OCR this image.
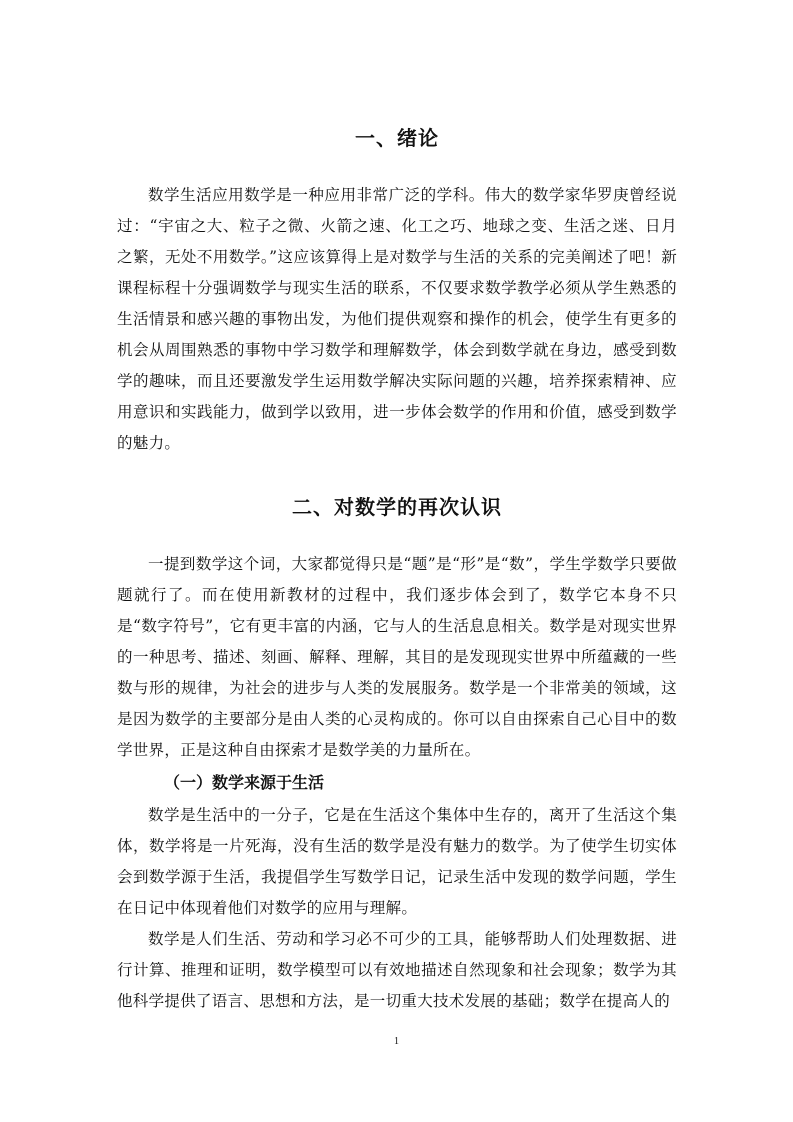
一、绪论

数学生活应用数学是一种应用非常广泛的学科。伟大的数学家华罗庚曾经说过：“宇宙之大、粒子之微、火箭之速、化工之巧、地球之变、生活之迷、日月之繁，无处不用数学。”这应该算得上是对数学与生活的关系的完美阐述了吧！新课程标程十分强调数学与现实生活的联系，不仅要求数学教学必须从学生熟悉的生活情景和感兴趣的事物出发，为他们提供观察和操作的机会，使学生有更多的机会从周围熟悉的事物中学习数学和理解数学，体会到数学就在身边，感受到数学的趣味，而且还要激发学生运用数学解决实际问题的兴趣，培养探索精神、应用意识和实践能力，做到学以致用，进一步体会数学的作用和价值，感受到数学的魅力。

二、对数学的再次认识

一提到数学这个词，大家都觉得只是“题”是“形”是“数”，学生学数学只要做题就行了。而在使用新教材的过程中，我们逐步体会到了，数学它本身不只是“数字符号”，它有更丰富的内涵，它与人的生活息息相关。数学是对现实世界的一种思考、描述、刻画、解释、理解，其目的是发现现实世界中所蕴藏的一些数与形的规律，为社会的进步与人类的发展服务。数学是一个非常美的领域，这是因为数学的主要部分是由人类的心灵构成的。你可以自由探索自己心目中的数学世界，正是这种自由探索才是数学美的力量所在。

（一）数学来源于生活

数学是生活中的一分子，它是在生活这个集体中生存的，离开了生活这个集体，数学将是一片死海，没有生活的数学是没有魅力的数学。为了使学生切实体会到数学源于生活，我提倡学生写数学日记，记录生活中发现的数学问题，学生在日记中体现着他们对数学的应用与理解。

数学是人们生活、劳动和学习必不可少的工具，能够帮助人们处理数据、进行计算、推理和证明，数学模型可以有效地描述自然现象和社会现象；数学为其他科学提供了语言、思想和方法，是一切重大技术发展的基础；数学在提高人的

1
